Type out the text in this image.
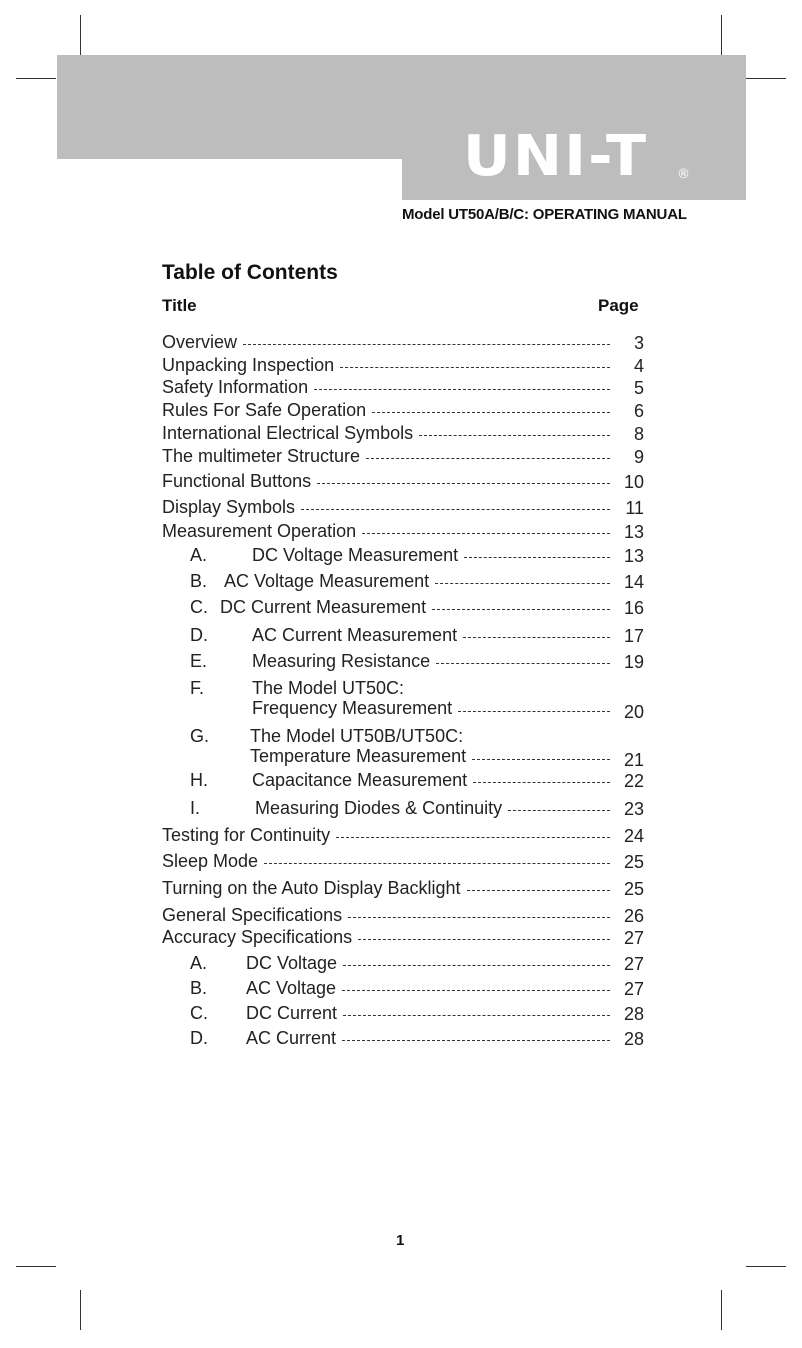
UNI-T	®
Model UT50A/B/C: OPERATING MANUAL
Table of Contents
Title	Page
Overview	3
Unpacking Inspection	4
Safety Information	5
Rules For Safe Operation	6
International Electrical Symbols	8
The multimeter Structure	9
Functional Buttons	10
Display Symbols	11
Measurement Operation	13
A. DC Voltage Measurement	13
B. AC Voltage Measurement	14
C. DC Current Measurement	16
D. AC Current Measurement	17
E. Measuring Resistance	19
F.	The Model UT50C:
Frequency Measurement	20
G. The Model UT50B/UT50C:
Temperature Measurement	21
H. Capacitance Measurement	22
I.	Measuring Diodes & Continuity	23
Testing for Continuity	24
Sleep Mode	25
Turning on the Auto Display Backlight	25
General Specifications	26
Accuracy Specifications	27
A. DC Voltage	27
B. AC Voltage	27
C. DC Current	28
D. AC Current	28
1
